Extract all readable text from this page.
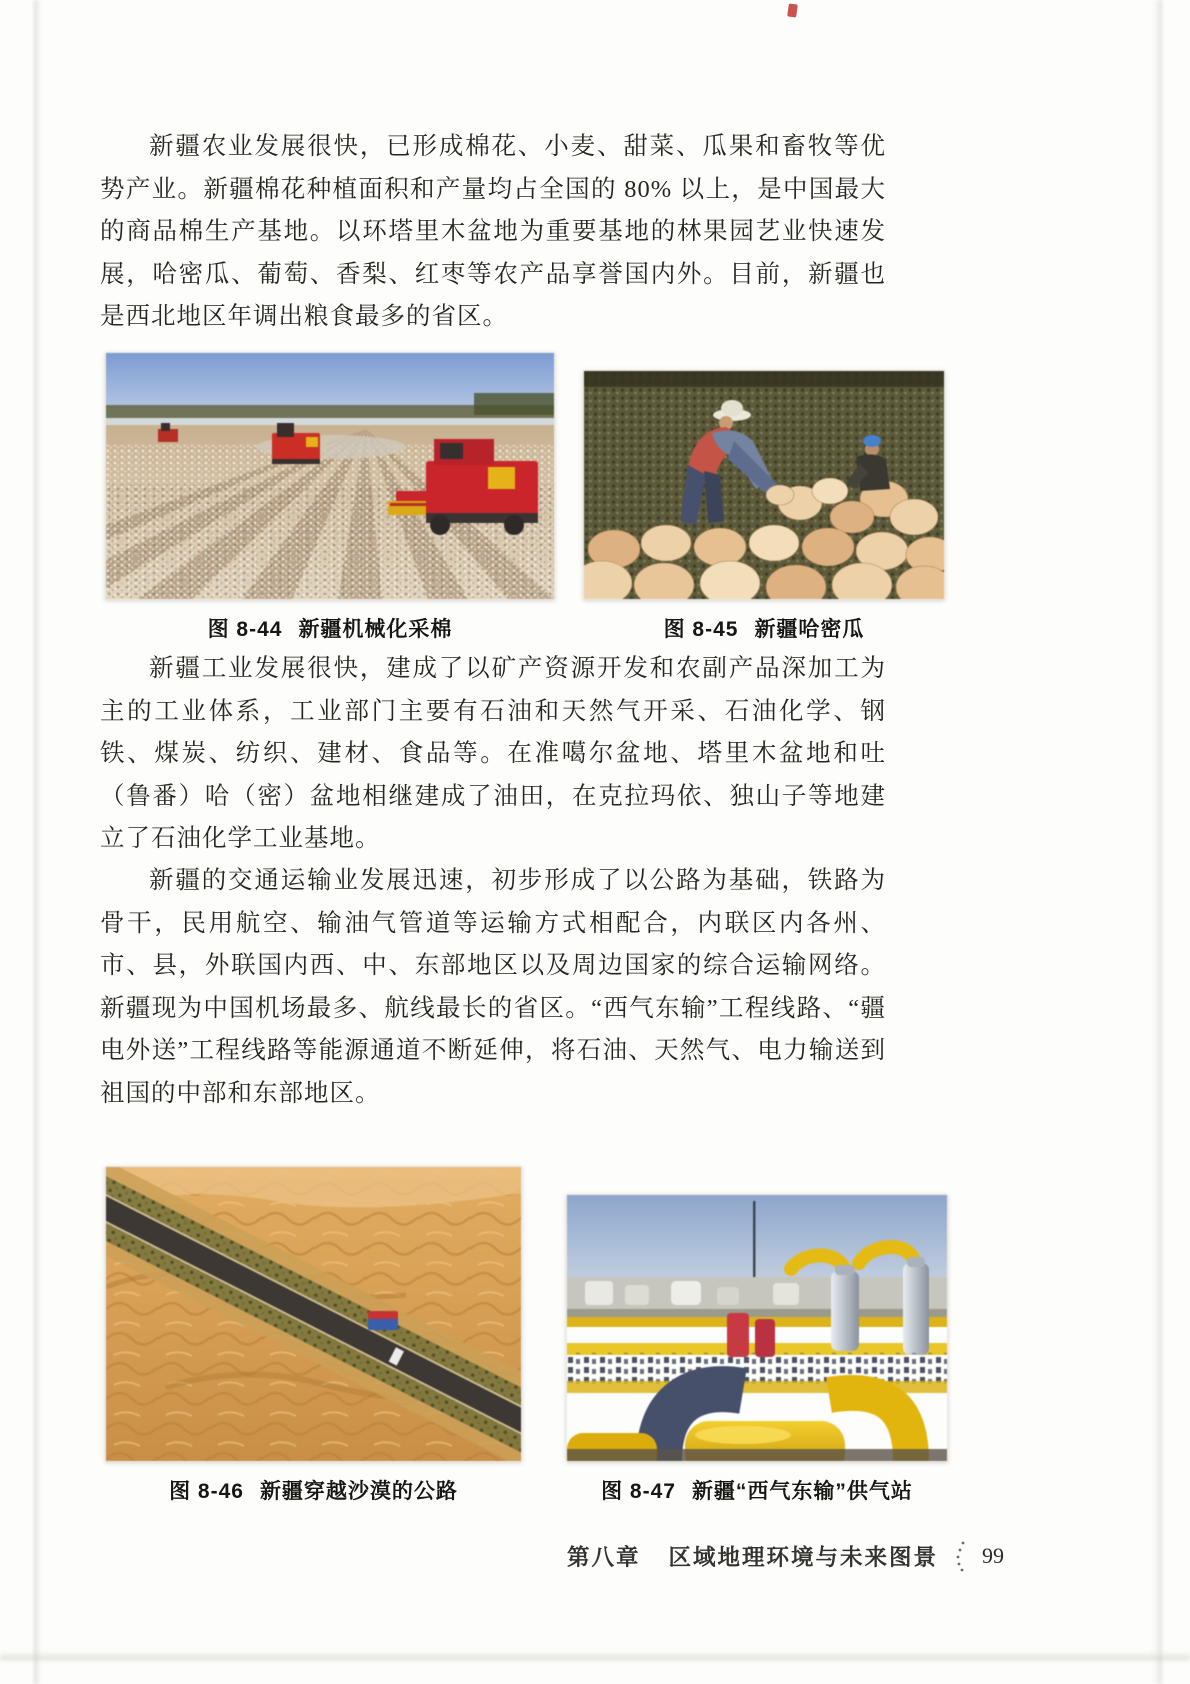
新疆农业发展很快，已形成棉花、小麦、甜菜、瓜果和畜牧等优势产业。新疆棉花种植面积和产量均占全国的 80% 以上，是中国最大的商品棉生产基地。以环塔里木盆地为重要基地的林果园艺业快速发展，哈密瓜、葡萄、香梨、红枣等农产品享誉国内外。目前，新疆也是西北地区年调出粮食最多的省区。

图 8-44 新疆机械化采棉	图 8-45 新疆哈密瓜

新疆工业发展很快，建成了以矿产资源开发和农副产品深加工为主的工业体系，工业部门主要有石油和天然气开采、石油化学、钢铁、煤炭、纺织、建材、食品等。在准噶尔盆地、塔里木盆地和吐（鲁番）哈（密）盆地相继建成了油田，在克拉玛依、独山子等地建立了石油化学工业基地。

新疆的交通运输业发展迅速，初步形成了以公路为基础，铁路为骨干，民用航空、输油气管道等运输方式相配合，内联区内各州、市、县，外联国内西、中、东部地区以及周边国家的综合运输网络。新疆现为中国机场最多、航线最长的省区。“西气东输”工程线路、“疆电外送”工程线路等能源通道不断延伸，将石油、天然气、电力输送到祖国的中部和东部地区。

图 8-46 新疆穿越沙漠的公路	图 8-47 新疆“西气东输”供气站
第八章 区域地理环境与未来图景 99
